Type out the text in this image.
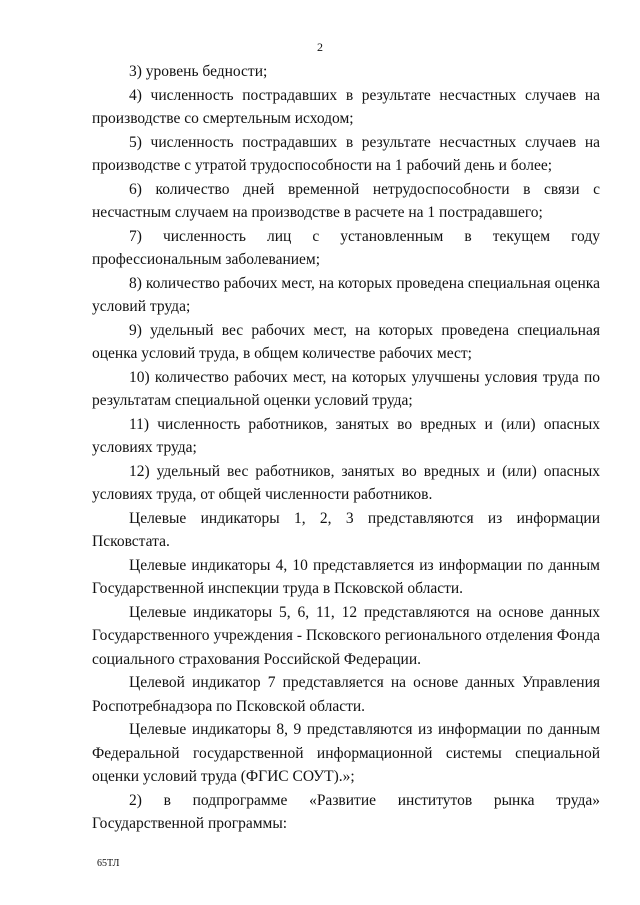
2

3) уровень бедности;

4) численность пострадавших в результате несчастных случаев на производстве со смертельным исходом;

5) численность пострадавших в результате несчастных случаев на производстве с утратой трудоспособности на 1 рабочий день и более;

6) количество дней временной нетрудоспособности в связи с несчастным случаем на производстве в расчете на 1 пострадавшего;

7) численность лиц с установленным в текущем году профессиональным заболеванием;

8) количество рабочих мест, на которых проведена специальная оценка условий труда;

9) удельный вес рабочих мест, на которых проведена специальная оценка условий труда, в общем количестве рабочих мест;

10) количество рабочих мест, на которых улучшены условия труда по результатам специальной оценки условий труда;

11) численность работников, занятых во вредных и (или) опасных условиях труда;

12) удельный вес работников, занятых во вредных и (или) опасных условиях труда, от общей численности работников.

Целевые индикаторы 1, 2, 3 представляются из информации Псковстата.

Целевые индикаторы 4, 10 представляется из информации по данным Государственной инспекции труда в Псковской области.

Целевые индикаторы 5, 6, 11, 12 представляются на основе данных Государственного учреждения - Псковского регионального отделения Фонда социального страхования Российской Федерации.

Целевой индикатор 7 представляется на основе данных Управления Роспотребнадзора по Псковской области.

Целевые индикаторы 8, 9 представляются из информации по данным Федеральной государственной информационной системы специальной оценки условий труда (ФГИС СОУТ).»;

2) в подпрограмме «Развитие институтов рынка труда» Государственной программы:

65ТЛ
